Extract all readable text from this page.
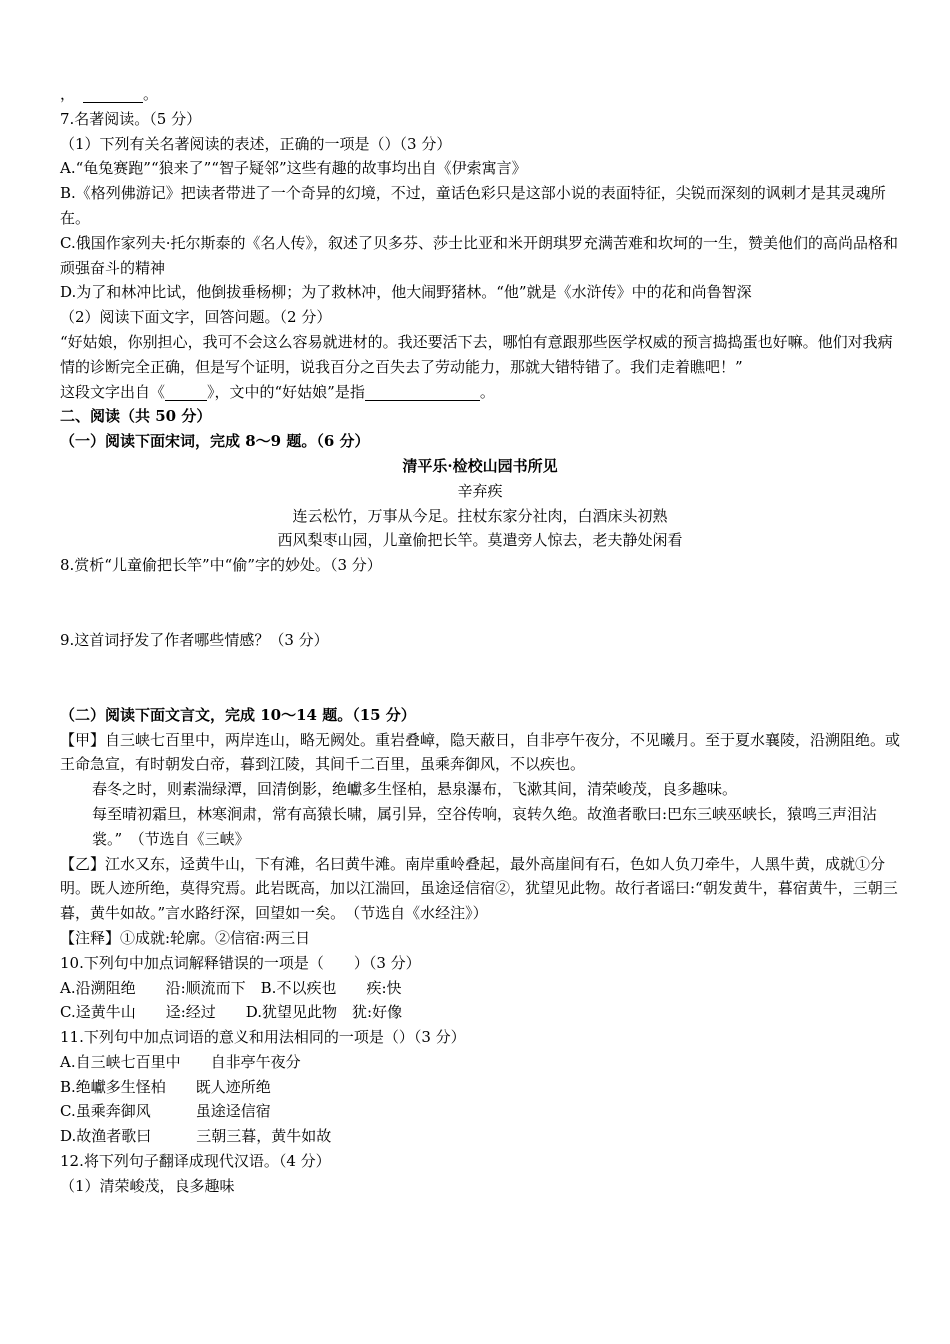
，	。
7.名著阅读。（5 分）
（1）下列有关名著阅读的表述，正确的一项是（）（3 分）
A.“龟兔赛跑”“狼来了”“智子疑邻”这些有趣的故事均出自《伊索寓言》
B.《格列佛游记》把读者带进了一个奇异的幻境，不过，童话色彩只是这部小说的表面特征，尖锐而深刻的讽刺才是其灵魂所在。
C.俄国作家列夫·托尔斯泰的《名人传》，叙述了贝多芬、莎士比亚和米开朗琪罗充满苦难和坎坷的一生，赞美他们的高尚品格和顽强奋斗的精神
D.为了和林冲比试，他倒拔垂杨柳；为了救林冲，他大闹野猪林。“他”就是《水浒传》中的花和尚鲁智深
（2）阅读下面文字，回答问题。（2 分）
“好姑娘，你别担心，我可不会这么容易就进材的。我还要活下去，哪怕有意跟那些医学权威的预言捣捣蛋也好嘛。他们对我病情的诊断完全正确，但是写个证明，说我百分之百失去了劳动能力，那就大错特错了。我们走着瞧吧！”
这段文字出自《	》，文中的“好姑娘”是指	。
二、阅读（共 50 分）
（一）阅读下面宋词，完成 8～9 题。（6 分）
清平乐·检校山园书所见
辛弃疾
连云松竹，万事从今足。拄杖东家分社肉，白酒床头初熟
西风梨枣山园，儿童偷把长竿。莫遣旁人惊去，老夫静处闲看
8.赏析“儿童偷把长竿”中“偷”字的妙处。（3 分）
9.这首词抒发了作者哪些情感？（3 分）
（二）阅读下面文言文，完成 10～14 题。（15 分）
【甲】自三峡七百里中，两岸连山，略无阙处。重岩叠嶂，隐天蔽日，自非亭午夜分，不见曦月。至于夏水襄陵，沿溯阻绝。或王命急宣，有时朝发白帝，暮到江陵，其间千二百里，虽乘奔御风，不以疾也。
春冬之时，则素湍绿潭，回清倒影，绝巘多生怪柏，悬泉瀑布，飞漱其间，清荣峻茂，良多趣味。
每至晴初霜旦，林寒涧肃，常有高猿长啸，属引异，空谷传响，哀转久绝。故渔者歌曰:巴东三峡巫峡长，猿鸣三声泪沾裳。”　（节选自《三峡》
【乙】江水又东，迳黄牛山，下有滩，名曰黄牛滩。南岸重岭叠起，最外高崖间有石，色如人负刀牵牛，人黑牛黄，成就①分明。既人迹所绝，莫得究焉。此岩既高，加以江湍回，虽途迳信宿②，犹望见此物。故行者谣曰:“朝发黄牛，暮宿黄牛，三朝三暮，黄牛如故。”言水路纡深，回望如一矣。　（节选自《水经注》）
【注释】①成就:轮廓。②信宿:两三日
10.下列句中加点词解释错误的一项是（　　）（3 分）
A.沿溯阻绝　　沿:顺流而下　B.不以疾也　　疾:快
C.迳黄牛山　　迳:经过　　D.犹望见此物　犹:好像
11.下列句中加点词语的意义和用法相同的一项是（）（3 分）
A.自三峡七百里中　　自非亭午夜分
B.绝巘多生怪柏　　既人迹所绝
C.虽乘奔御风　　　虽途迳信宿
D.故渔者歌曰　　　三朝三暮，黄牛如故
12.将下列句子翻译成现代汉语。（4 分）
（1）清荣峻茂，良多趣味
